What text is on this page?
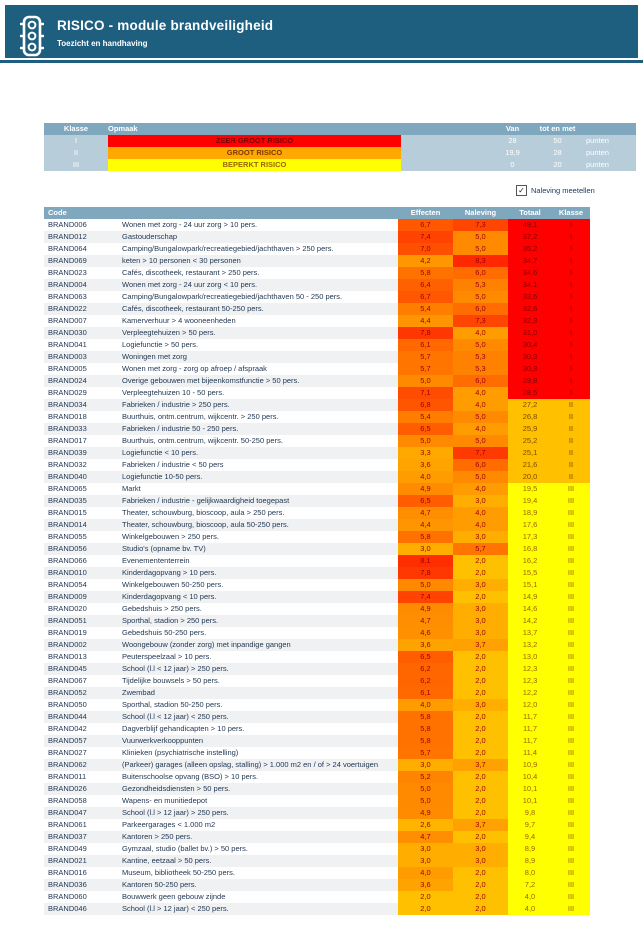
RISICO - module brandveiligheid
Toezicht en handhaving
Klasse	Opmaak	Van	tot en met
I	ZEER GROOT RISICO	28	50	punten
II	GROOT RISICO	19,9	28	punten
III	BEPERKT RISICO	0	20	punten
✓ Naleving meetellen
Code	Effecten	Naleving	Totaal	Klasse
BRAND006	Wonen met zorg - 24 uur zorg > 10 pers.	6,7	7,3	49,1	I
BRAND012	Gastouderschap	7,4	5,0	37,2	I
BRAND064	Camping/Bungalowpark/recreatiegebied/jachthaven > 250 pers.	7,0	5,0	35,2	I
BRAND069	keten > 10 personen < 30 personen	4,2	8,3	34,7	I
BRAND023	Cafés, discotheek, restaurant > 250 pers.	5,8	6,0	34,6	I
BRAND004	Wonen met zorg - 24 uur zorg < 10 pers.	6,4	5,3	34,1	I
BRAND063	Camping/Bungalowpark/recreatiegebied/jachthaven 50 - 250 pers.	6,7	5,0	33,6	I
BRAND022	Cafés, discotheek, restaurant 50-250 pers.	5,4	6,0	32,6	I
BRAND007	Kamerverhuur > 4 wooneenheden	4,4	7,3	32,3	I
BRAND030	Verpleegtehuizen > 50 pers.	7,8	4,0	31,0	I
BRAND041	Logiefunctie > 50 pers.	6,1	5,0	30,4	I
BRAND003	Woningen met zorg	5,7	5,3	30,3	I
BRAND005	Wonen met zorg - zorg op afroep / afspraak	5,7	5,3	30,3	I
BRAND024	Overige gebouwen met bijeenkomstfunctie > 50 pers.	5,0	6,0	29,8	I
BRAND029	Verpleegtehuizen 10 - 50 pers.	7,1	4,0	28,5	I
BRAND034	Fabrieken / industrie > 250 pers.	6,8	4,0	27,2	II
BRAND018	Buurthuis, ontm.centrum, wijkcentr. > 250 pers.	5,4	5,0	26,8	II
BRAND033	Fabrieken / industrie 50 - 250 pers.	6,5	4,0	25,9	II
BRAND017	Buurthuis, ontm.centrum, wijkcentr. 50-250 pers.	5,0	5,0	25,2	II
BRAND039	Logiefunctie < 10 pers.	3,3	7,7	25,1	II
BRAND032	Fabrieken / industrie < 50 pers	3,6	6,0	21,6	II
BRAND040	Logiefunctie 10-50 pers.	4,0	5,0	20,0	II
BRAND065	Markt	4,9	4,0	19,5	III
BRAND035	Fabrieken / industrie - gelijkwaardigheid toegepast	6,5	3,0	19,4	III
BRAND015	Theater, schouwburg, bioscoop, aula > 250 pers.	4,7	4,0	18,9	III
BRAND014	Theater, schouwburg, bioscoop, aula 50-250 pers.	4,4	4,0	17,6	III
BRAND055	Winkelgebouwen > 250 pers.	5,8	3,0	17,3	III
BRAND056	Studio's (opname bv. TV)	3,0	5,7	16,8	III
BRAND066	Evenemententerrein	8,1	2,0	16,2	III
BRAND010	Kinderdagopvang > 10 pers.	7,8	2,0	15,5	III
BRAND054	Winkelgebouwen 50-250 pers.	5,0	3,0	15,1	III
BRAND009	Kinderdagopvang < 10 pers.	7,4	2,0	14,9	III
BRAND020	Gebedshuis > 250 pers.	4,9	3,0	14,6	III
BRAND051	Sporthal, stadion > 250 pers.	4,7	3,0	14,2	III
BRAND019	Gebedshuis 50-250 pers.	4,6	3,0	13,7	III
BRAND002	Woongebouw (zonder zorg) met inpandige gangen	3,6	3,7	13,2	III
BRAND013	Peuterspeelzaal > 10 pers.	6,5	2,0	13,0	III
BRAND045	School (l.l < 12 jaar) > 250 pers.	6,2	2,0	12,3	III
BRAND067	Tijdelijke bouwsels > 50 pers.	6,2	2,0	12,3	III
BRAND052	Zwembad	6,1	2,0	12,2	III
BRAND050	Sporthal, stadion 50-250 pers.	4,0	3,0	12,0	III
BRAND044	School (l.l < 12 jaar) < 250 pers.	5,8	2,0	11,7	III
BRAND042	Dagverblijf gehandicapten > 10 pers.	5,8	2,0	11,7	III
BRAND057	Vuurwerkverkooppunten	5,8	2,0	11,7	III
BRAND027	Klinieken (psychiatrische instelling)	5,7	2,0	11,4	III
BRAND062	(Parkeer) garages (alleen opslag, stalling) > 1.000 m2 en / of > 24 voertuigen	3,0	3,7	10,9	III
BRAND011	Buitenschoolse opvang (BSO) > 10 pers.	5,2	2,0	10,4	III
BRAND026	Gezondheidsdiensten > 50 pers.	5,0	2,0	10,1	III
BRAND058	Wapens- en munitiedepot	5,0	2,0	10,1	III
BRAND047	School (l.l > 12 jaar) > 250 pers.	4,9	2,0	9,8	III
BRAND061	Parkeergarages < 1.000 m2	2,6	3,7	9,7	III
BRAND037	Kantoren > 250 pers.	4,7	2,0	9,4	III
BRAND049	Gymzaal, studio (ballet bv.) > 50 pers.	3,0	3,0	8,9	III
BRAND021	Kantine, eetzaal > 50 pers.	3,0	3,0	8,9	III
BRAND016	Museum, bibliotheek 50-250 pers.	4,0	2,0	8,0	III
BRAND036	Kantoren 50-250 pers.	3,6	2,0	7,2	III
BRAND060	Bouwwerk geen gebouw zijnde	2,0	2,0	4,0	III
BRAND046	School (l.l > 12 jaar) < 250 pers.	2,0	2,0	4,0	III
